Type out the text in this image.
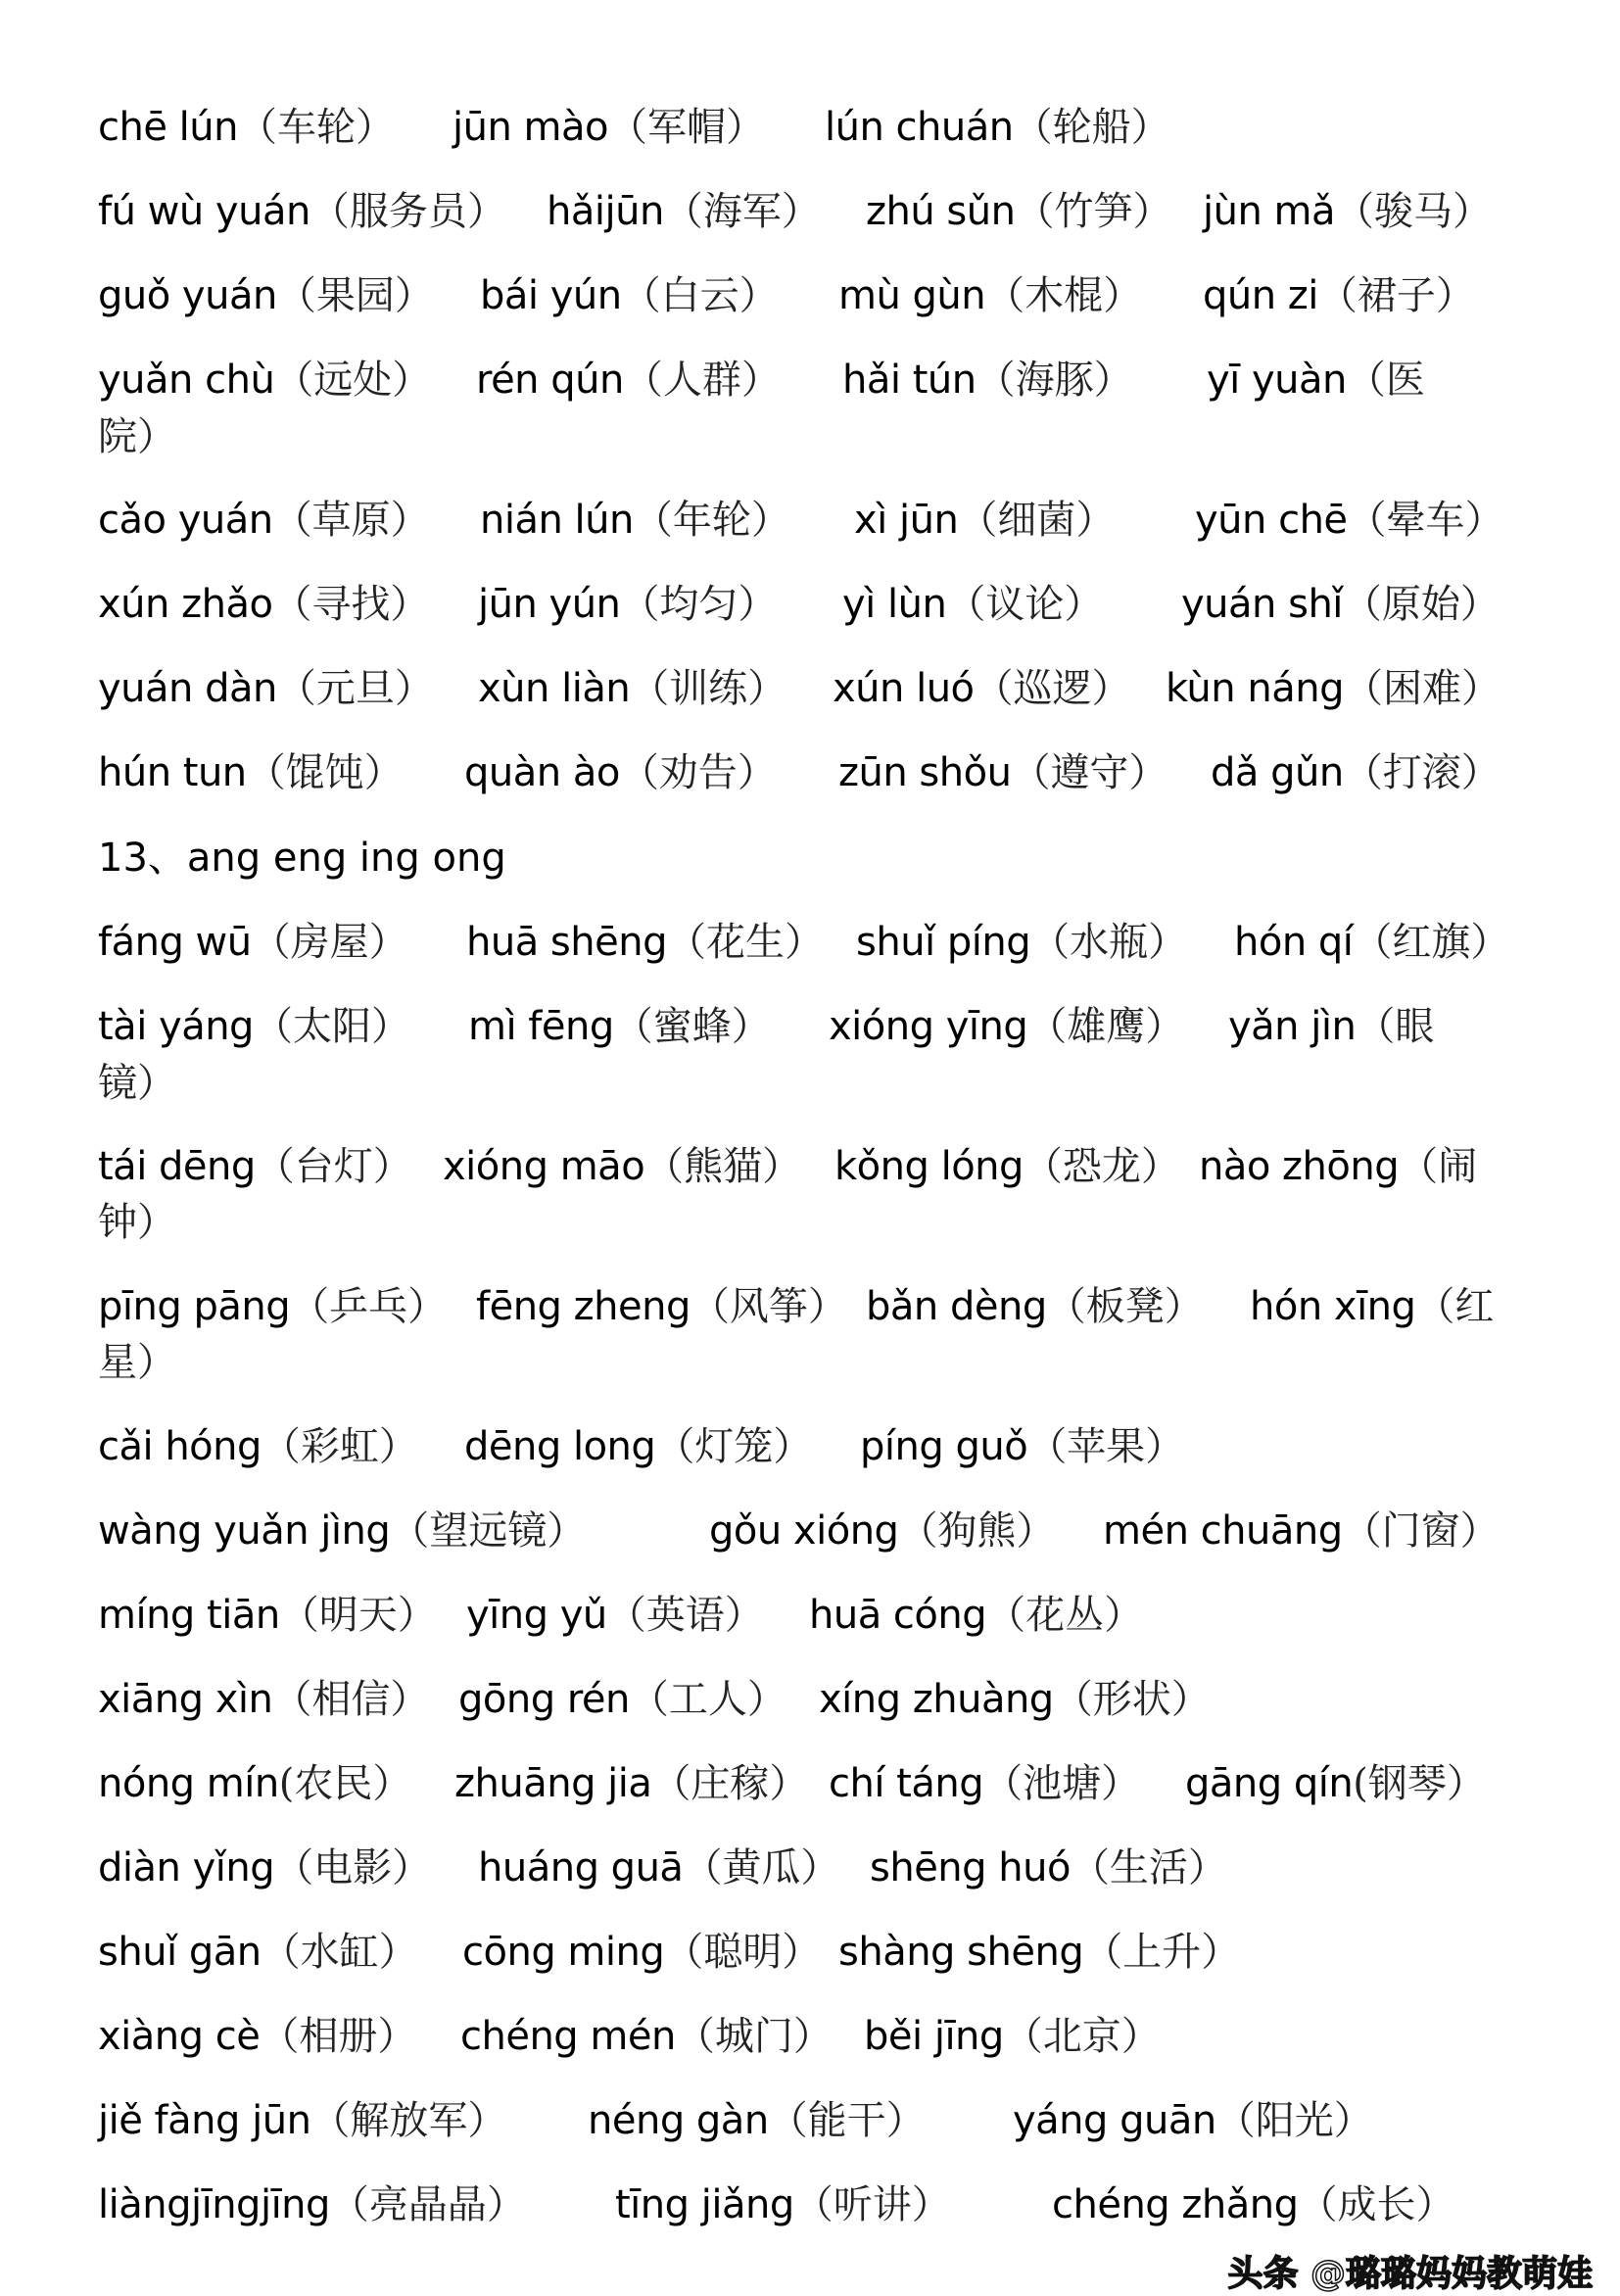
chē lún（车轮） jūn mào（军帽） lún chuán（轮船）
fú wù yuán（服务员） hǎijūn（海军） zhú sǔn（竹笋） jùn mǎ（骏马）
guǒ yuán（果园） bái yún（白云） mù gùn（木棍） qún zi（裙子）
yuǎn chù（远处） rén qún（人群） hǎi tún（海豚） yī yuàn（医
院）
cǎo yuán（草原） nián lún（年轮） xì jūn（细菌） yūn chē（晕车）
xún zhǎo（寻找） jūn yún（均匀） yì lùn（议论） yuán shǐ（原始）
yuán dàn（元旦） xùn liàn（训练） xún luó（巡逻） kùn náng（困难）
hún tun（馄饨） quàn ào（劝告） zūn shǒu（遵守） dǎ gǔn（打滚）
13、ang eng ing ong
fáng wū（房屋） huā shēng（花生） shuǐ píng（水瓶） hón qí（红旗）
tài yáng（太阳） mì fēng（蜜蜂） xióng yīng（雄鹰） yǎn jìn（眼
镜）
tái dēng（台灯） xióng māo（熊猫） kǒng lóng（恐龙） nào zhōng（闹
钟）
pīng pāng（乒乓） fēng zheng（风筝） bǎn dèng（板凳） hón xīng（红
星）
cǎi hóng（彩虹） dēng long（灯笼） píng guǒ（苹果）
wàng yuǎn jìng（望远镜）	gǒu xióng（狗熊） mén chuāng（门窗）
míng tiān（明天） yīng yǔ（英语） huā cóng（花丛）
xiāng xìn（相信） gōng rén（工人） xíng zhuàng（形状）
nóng mín(农民） zhuāng jia（庄稼） chí táng（池塘） gāng qín(钢琴）
diàn yǐng（电影） huáng guā（黄瓜） shēng huó（生活）
shuǐ gān（水缸） cōng ming（聪明） shàng shēng（上升）
xiàng cè（相册） chéng mén（城门） běi jīng（北京）
jiě fàng jūn（解放军） néng gàn（能干） yáng guān（阳光）
liàngjīngjīng（亮晶晶） tīng jiǎng（听讲）	chéng zhǎng（成长）
头条 @璐璐妈妈教萌娃
